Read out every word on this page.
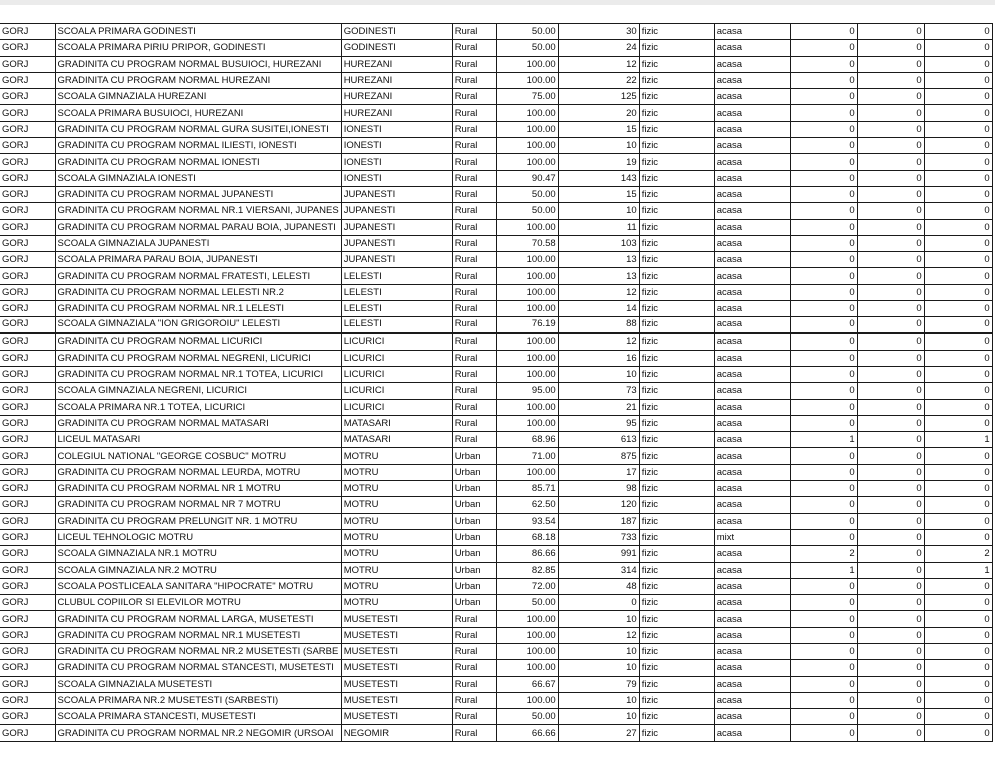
GORJ	SCOALA PRIMARA GODINESTI	GODINESTI	Rural	50.00	30	fizic	acasa	0	0	0
GORJ	SCOALA PRIMARA PIRIU PRIPOR, GODINESTI	GODINESTI	Rural	50.00	24	fizic	acasa	0	0	0
GORJ	GRADINITA CU PROGRAM NORMAL BUSUIOCI, HUREZANI	HUREZANI	Rural	100.00	12	fizic	acasa	0	0	0
GORJ	GRADINITA CU PROGRAM NORMAL HUREZANI	HUREZANI	Rural	100.00	22	fizic	acasa	0	0	0
GORJ	SCOALA GIMNAZIALA HUREZANI	HUREZANI	Rural	75.00	125	fizic	acasa	0	0	0
GORJ	SCOALA PRIMARA BUSUIOCI, HUREZANI	HUREZANI	Rural	100.00	20	fizic	acasa	0	0	0
GORJ	GRADINITA CU PROGRAM NORMAL GURA SUSITEI,IONESTI	IONESTI	Rural	100.00	15	fizic	acasa	0	0	0
GORJ	GRADINITA CU PROGRAM NORMAL ILIESTI, IONESTI	IONESTI	Rural	100.00	10	fizic	acasa	0	0	0
GORJ	GRADINITA CU PROGRAM NORMAL IONESTI	IONESTI	Rural	100.00	19	fizic	acasa	0	0	0
GORJ	SCOALA GIMNAZIALA IONESTI	IONESTI	Rural	90.47	143	fizic	acasa	0	0	0
GORJ	GRADINITA CU PROGRAM NORMAL JUPANESTI	JUPANESTI	Rural	50.00	15	fizic	acasa	0	0	0
GORJ	GRADINITA CU PROGRAM NORMAL NR.1 VIERSANI, JUPANES	JUPANESTI	Rural	50.00	10	fizic	acasa	0	0	0
GORJ	GRADINITA CU PROGRAM NORMAL PARAU BOIA, JUPANESTI	JUPANESTI	Rural	100.00	11	fizic	acasa	0	0	0
GORJ	SCOALA GIMNAZIALA JUPANESTI	JUPANESTI	Rural	70.58	103	fizic	acasa	0	0	0
GORJ	SCOALA PRIMARA PARAU BOIA, JUPANESTI	JUPANESTI	Rural	100.00	13	fizic	acasa	0	0	0
GORJ	GRADINITA CU PROGRAM NORMAL FRATESTI, LELESTI	LELESTI	Rural	100.00	13	fizic	acasa	0	0	0
GORJ	GRADINITA CU PROGRAM NORMAL LELESTI NR.2	LELESTI	Rural	100.00	12	fizic	acasa	0	0	0
GORJ	GRADINITA CU PROGRAM NORMAL NR.1 LELESTI	LELESTI	Rural	100.00	14	fizic	acasa	0	0	0
GORJ	SCOALA GIMNAZIALA "ION GRIGOROIU" LELESTI	LELESTI	Rural	76.19	88	fizic	acasa	0	0	0
GORJ	GRADINITA CU PROGRAM NORMAL LICURICI	LICURICI	Rural	100.00	12	fizic	acasa	0	0	0
GORJ	GRADINITA CU PROGRAM NORMAL NEGRENI, LICURICI	LICURICI	Rural	100.00	16	fizic	acasa	0	0	0
GORJ	GRADINITA CU PROGRAM NORMAL NR.1 TOTEA, LICURICI	LICURICI	Rural	100.00	10	fizic	acasa	0	0	0
GORJ	SCOALA GIMNAZIALA NEGRENI, LICURICI	LICURICI	Rural	95.00	73	fizic	acasa	0	0	0
GORJ	SCOALA PRIMARA NR.1 TOTEA, LICURICI	LICURICI	Rural	100.00	21	fizic	acasa	0	0	0
GORJ	GRADINITA CU PROGRAM NORMAL MATASARI	MATASARI	Rural	100.00	95	fizic	acasa	0	0	0
GORJ	LICEUL MATASARI	MATASARI	Rural	68.96	613	fizic	acasa	1	0	1
GORJ	COLEGIUL NATIONAL "GEORGE COSBUC" MOTRU	MOTRU	Urban	71.00	875	fizic	acasa	0	0	0
GORJ	GRADINITA CU PROGRAM NORMAL LEURDA, MOTRU	MOTRU	Urban	100.00	17	fizic	acasa	0	0	0
GORJ	GRADINITA CU PROGRAM NORMAL NR 1 MOTRU	MOTRU	Urban	85.71	98	fizic	acasa	0	0	0
GORJ	GRADINITA CU PROGRAM NORMAL NR 7 MOTRU	MOTRU	Urban	62.50	120	fizic	acasa	0	0	0
GORJ	GRADINITA CU PROGRAM PRELUNGIT NR. 1 MOTRU	MOTRU	Urban	93.54	187	fizic	acasa	0	0	0
GORJ	LICEUL TEHNOLOGIC MOTRU	MOTRU	Urban	68.18	733	fizic	mixt	0	0	0
GORJ	SCOALA GIMNAZIALA NR.1 MOTRU	MOTRU	Urban	86.66	991	fizic	acasa	2	0	2
GORJ	SCOALA GIMNAZIALA NR.2 MOTRU	MOTRU	Urban	82.85	314	fizic	acasa	1	0	1
GORJ	SCOALA POSTLICEALA SANITARA "HIPOCRATE" MOTRU	MOTRU	Urban	72.00	48	fizic	acasa	0	0	0
GORJ	CLUBUL COPIILOR SI ELEVILOR MOTRU	MOTRU	Urban	50.00	0	fizic	acasa	0	0	0
GORJ	GRADINITA CU PROGRAM NORMAL LARGA, MUSETESTI	MUSETESTI	Rural	100.00	10	fizic	acasa	0	0	0
GORJ	GRADINITA CU PROGRAM NORMAL NR.1 MUSETESTI	MUSETESTI	Rural	100.00	12	fizic	acasa	0	0	0
GORJ	GRADINITA CU PROGRAM NORMAL NR.2 MUSETESTI (SARBE	MUSETESTI	Rural	100.00	10	fizic	acasa	0	0	0
GORJ	GRADINITA CU PROGRAM NORMAL STANCESTI, MUSETESTI	MUSETESTI	Rural	100.00	10	fizic	acasa	0	0	0
GORJ	SCOALA GIMNAZIALA MUSETESTI	MUSETESTI	Rural	66.67	79	fizic	acasa	0	0	0
GORJ	SCOALA PRIMARA NR.2 MUSETESTI (SARBESTI)	MUSETESTI	Rural	100.00	10	fizic	acasa	0	0	0
GORJ	SCOALA PRIMARA STANCESTI, MUSETESTI	MUSETESTI	Rural	50.00	10	fizic	acasa	0	0	0
GORJ	GRADINITA CU PROGRAM NORMAL NR.2 NEGOMIR (URSOAI	NEGOMIR	Rural	66.66	27	fizic	acasa	0	0	0
